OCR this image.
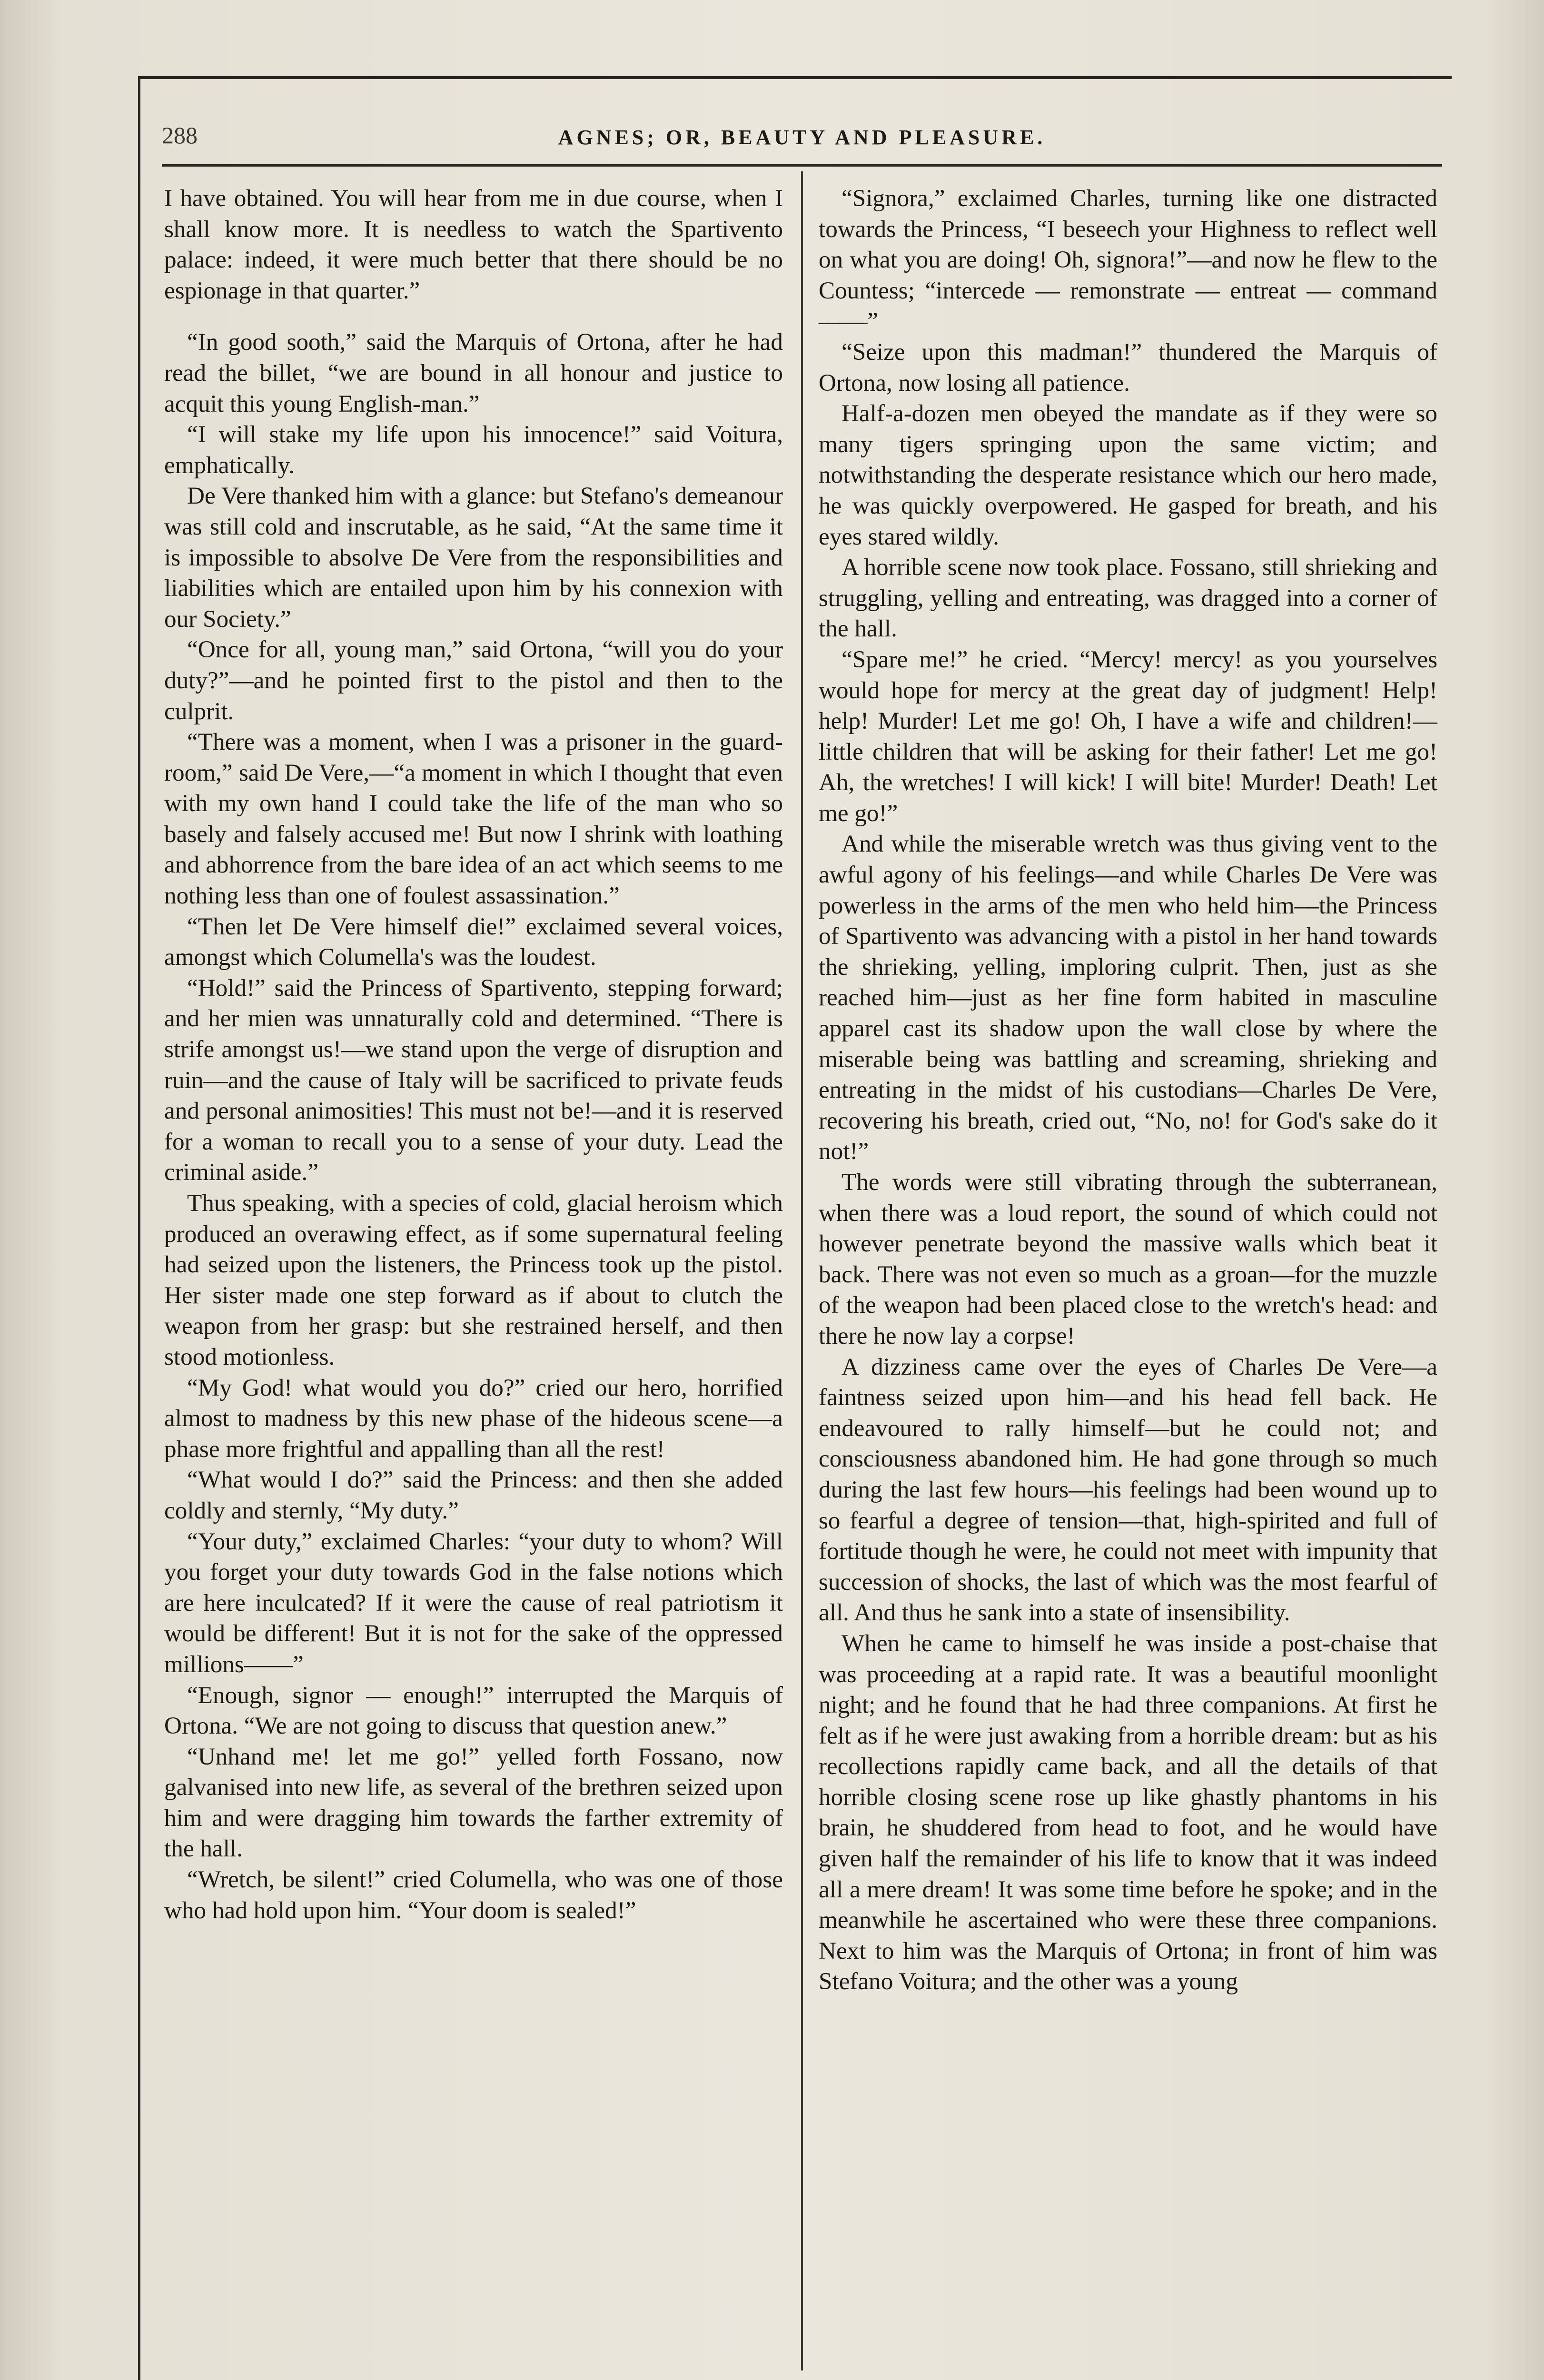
288	AGNES; OR, BEAUTY AND PLEASURE.

I have obtained. You will hear from me in due course, when I shall know more. It is needless to watch the Spartivento palace: indeed, it were much better that there should be no espionage in that quarter.”

“In good sooth,” said the Marquis of Ortona, after he had read the billet, “we are bound in all honour and justice to acquit this young English-man.”

“I will stake my life upon his innocence!” said Voitura, emphatically.

De Vere thanked him with a glance: but Stefano's demeanour was still cold and inscrutable, as he said, “At the same time it is impossible to absolve De Vere from the responsibilities and liabilities which are entailed upon him by his connexion with our Society.”

“Once for all, young man,” said Ortona, “will you do your duty?”—and he pointed first to the pistol and then to the culprit.

“There was a moment, when I was a prisoner in the guard-room,” said De Vere,—“a moment in which I thought that even with my own hand I could take the life of the man who so basely and falsely accused me! But now I shrink with loathing and abhorrence from the bare idea of an act which seems to me nothing less than one of foulest assassination.”

“Then let De Vere himself die!” exclaimed several voices, amongst which Columella's was the loudest.

“Hold!” said the Princess of Spartivento, stepping forward; and her mien was unnaturally cold and determined. “There is strife amongst us!—we stand upon the verge of disruption and ruin—and the cause of Italy will be sacrificed to private feuds and personal animosities! This must not be!—and it is reserved for a woman to recall you to a sense of your duty. Lead the criminal aside.”

Thus speaking, with a species of cold, glacial heroism which produced an overawing effect, as if some supernatural feeling had seized upon the listeners, the Princess took up the pistol. Her sister made one step forward as if about to clutch the weapon from her grasp: but she restrained herself, and then stood motionless.

“My God! what would you do?” cried our hero, horrified almost to madness by this new phase of the hideous scene—a phase more frightful and appalling than all the rest!

“What would I do?” said the Princess: and then she added coldly and sternly, “My duty.”

“Your duty,” exclaimed Charles: “your duty to whom? Will you forget your duty towards God in the false notions which are here inculcated? If it were the cause of real patriotism it would be different! But it is not for the sake of the oppressed millions——”

“Enough, signor — enough!” interrupted the Marquis of Ortona. “We are not going to discuss that question anew.”

“Unhand me! let me go!” yelled forth Fossano, now galvanised into new life, as several of the brethren seized upon him and were dragging him towards the farther extremity of the hall.

“Wretch, be silent!” cried Columella, who was one of those who had hold upon him. “Your doom is sealed!”

“Signora,” exclaimed Charles, turning like one distracted towards the Princess, “I beseech your Highness to reflect well on what you are doing! Oh, signora!”—and now he flew to the Countess; “intercede — remonstrate — entreat — command——”

“Seize upon this madman!” thundered the Marquis of Ortona, now losing all patience.

Half-a-dozen men obeyed the mandate as if they were so many tigers springing upon the same victim; and notwithstanding the desperate resistance which our hero made, he was quickly overpowered. He gasped for breath, and his eyes stared wildly.

A horrible scene now took place. Fossano, still shrieking and struggling, yelling and entreating, was dragged into a corner of the hall.

“Spare me!” he cried. “Mercy! mercy! as you yourselves would hope for mercy at the great day of judgment! Help! help! Murder! Let me go! Oh, I have a wife and children!—little children that will be asking for their father! Let me go! Ah, the wretches! I will kick! I will bite! Murder! Death! Let me go!”

And while the miserable wretch was thus giving vent to the awful agony of his feelings—and while Charles De Vere was powerless in the arms of the men who held him—the Princess of Spartivento was advancing with a pistol in her hand towards the shrieking, yelling, imploring culprit. Then, just as she reached him—just as her fine form habited in masculine apparel cast its shadow upon the wall close by where the miserable being was battling and screaming, shrieking and entreating in the midst of his custodians—Charles De Vere, recovering his breath, cried out, “No, no! for God's sake do it not!”

The words were still vibrating through the subterranean, when there was a loud report, the sound of which could not however penetrate beyond the massive walls which beat it back. There was not even so much as a groan—for the muzzle of the weapon had been placed close to the wretch's head: and there he now lay a corpse!

A dizziness came over the eyes of Charles De Vere—a faintness seized upon him—and his head fell back. He endeavoured to rally himself—but he could not; and consciousness abandoned him. He had gone through so much during the last few hours—his feelings had been wound up to so fearful a degree of tension—that, high-spirited and full of fortitude though he were, he could not meet with impunity that succession of shocks, the last of which was the most fearful of all. And thus he sank into a state of insensibility.

When he came to himself he was inside a post-chaise that was proceeding at a rapid rate. It was a beautiful moonlight night; and he found that he had three companions. At first he felt as if he were just awaking from a horrible dream: but as his recollections rapidly came back, and all the details of that horrible closing scene rose up like ghastly phantoms in his brain, he shuddered from head to foot, and he would have given half the remainder of his life to know that it was indeed all a mere dream! It was some time before he spoke; and in the meanwhile he ascertained who were these three companions. Next to him was the Marquis of Ortona; in front of him was Stefano Voitura; and the other was a young
